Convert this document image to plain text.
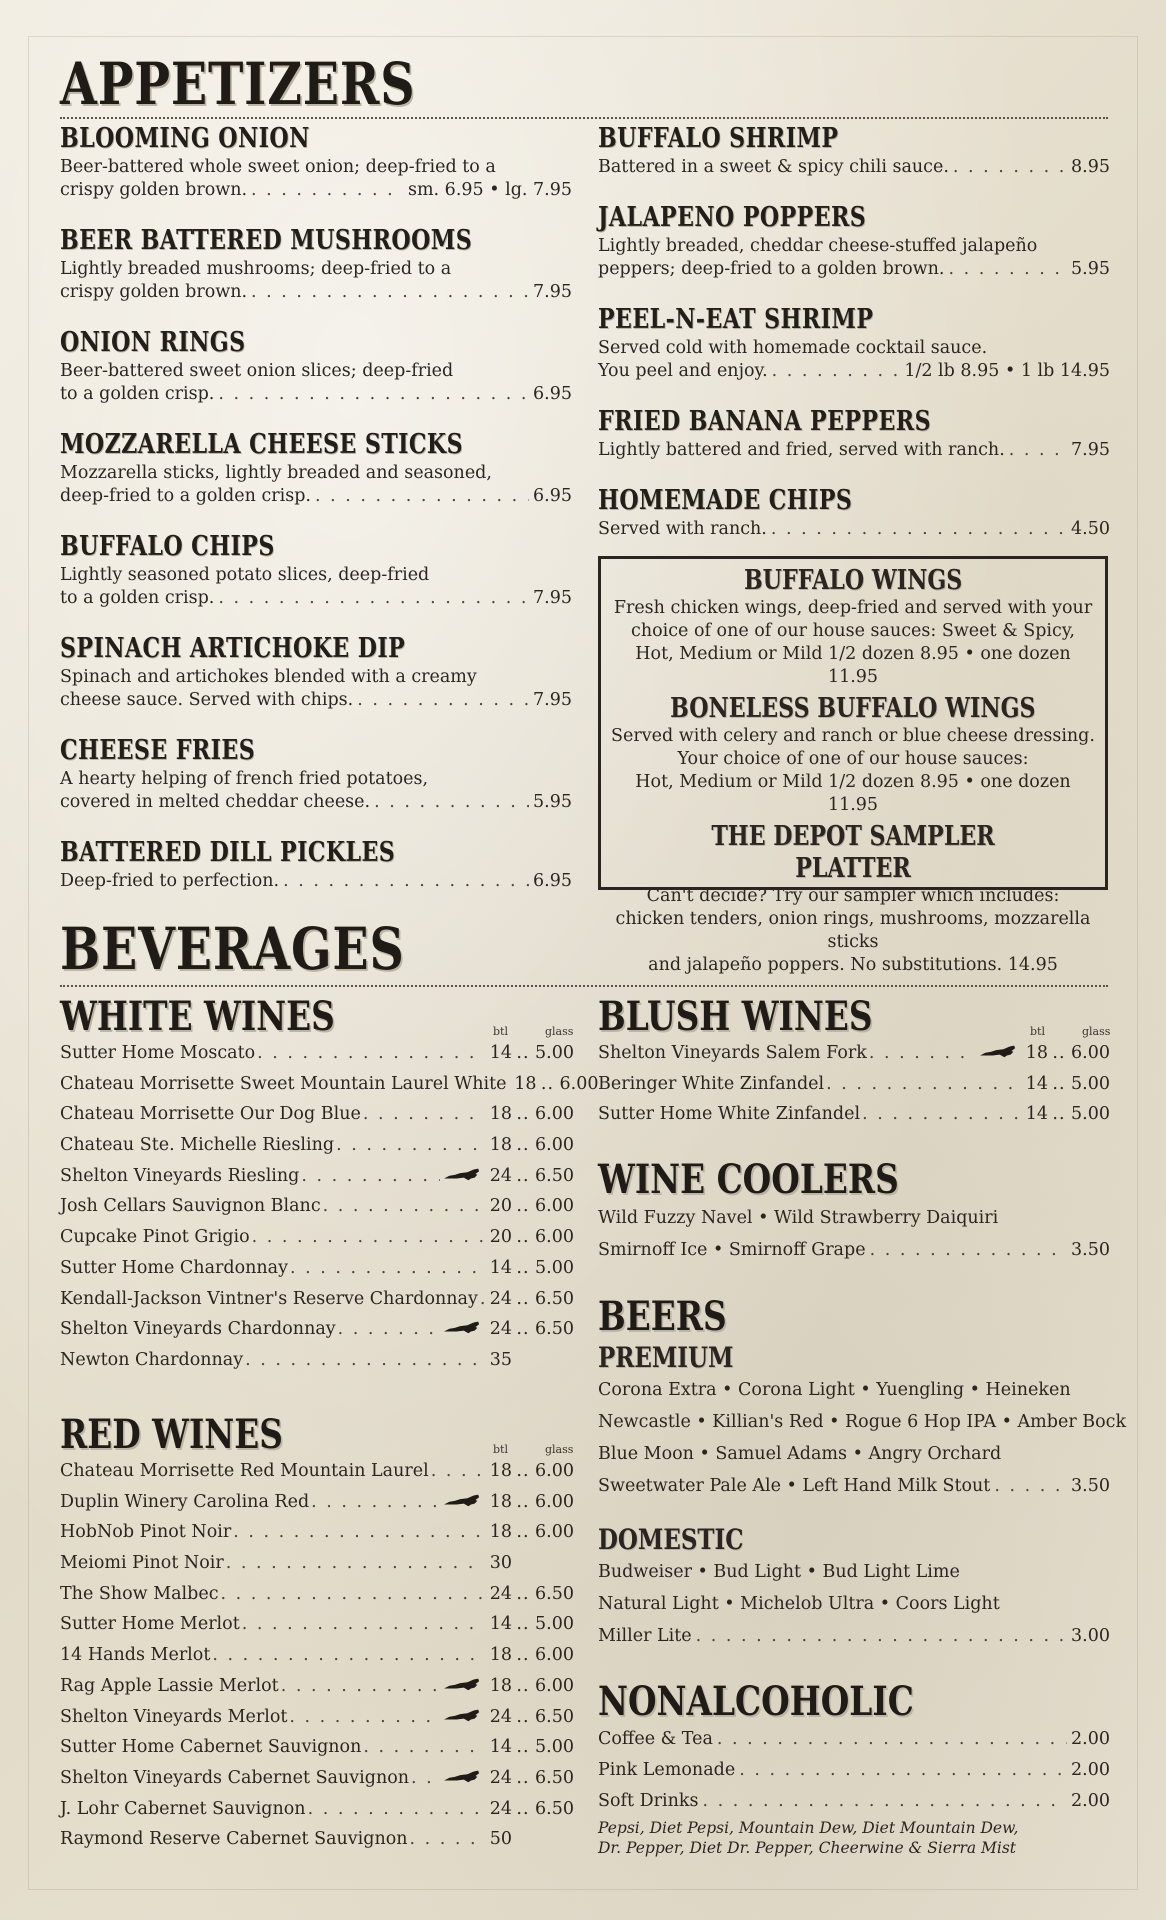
APPETIZERS
BLOOMING ONION
Beer-battered whole sweet onion; deep-fried to a
crispy golden brown. . . .	sm. 6.95 • lg. 7.95
BEER BATTERED MUSHROOMS
Lightly breaded mushrooms; deep-fried to a
crispy golden brown. . . .	7.95
ONION RINGS
Beer-battered sweet onion slices; deep-fried
to a golden crisp. . . .	6.95
MOZZARELLA CHEESE STICKS
Mozzarella sticks, lightly breaded and seasoned,
deep-fried to a golden crisp. . . .	6.95
BUFFALO CHIPS
Lightly seasoned potato slices, deep-fried
to a golden crisp. . . .	7.95
SPINACH ARTICHOKE DIP
Spinach and artichokes blended with a creamy
cheese sauce. Served with chips. . . .	7.95
CHEESE FRIES
A hearty helping of french fried potatoes,
covered in melted cheddar cheese. . . .	5.95
BATTERED DILL PICKLES
Deep-fried to perfection. . . .	6.95
BUFFALO SHRIMP
Battered in a sweet & spicy chili sauce. . . .	8.95
JALAPENO POPPERS
Lightly breaded, cheddar cheese-stuffed jalapeño
peppers; deep-fried to a golden brown. . . .	5.95
PEEL-N-EAT SHRIMP
Served cold with homemade cocktail sauce.
You peel and enjoy. . . .	1/2 lb 8.95 • 1 lb 14.95
FRIED BANANA PEPPERS
Lightly battered and fried, served with ranch. . . .	7.95
HOMEMADE CHIPS
Served with ranch. . . .	4.50
BUFFALO WINGS

Fresh chicken wings, deep-fried and served with your

choice of one of our house sauces: Sweet & Spicy,

Hot, Medium or Mild 1/2 dozen 8.95 • one dozen 11.95

BONELESS BUFFALO WINGS

Served with celery and ranch or blue cheese dressing.

Your choice of one of our house sauces:

Hot, Medium or Mild 1/2 dozen 8.95 • one dozen 11.95

THE DEPOT SAMPLER PLATTER

Can't decide? Try our sampler which includes:

chicken tenders, onion rings, mushrooms, mozzarella sticks

and jalapeño poppers. No substitutions. 14.95

BEVERAGES
WHITE WINES	btl	glass
Sutter Home Moscato . . .	14 .. 5.00
Chateau Morrisette Sweet Mountain Laurel White 18 .. 6.00
Chateau Morrisette Our Dog Blue . . .	18 .. 6.00
Chateau Ste. Michelle Riesling . . .	18 .. 6.00
Shelton Vineyards Riesling . . .	24 .. 6.50
Josh Cellars Sauvignon Blanc . . .	20 .. 6.00
Cupcake Pinot Grigio . . .	20 .. 6.00
Sutter Home Chardonnay . . .	14 .. 5.00
Kendall-Jackson Vintner's Reserve Chardonnay . . . 24 .. 6.50
Shelton Vineyards Chardonnay . . .	24 .. 6.50
Newton Chardonnay . . .	35
RED WINES	btl	glass
Chateau Morrisette Red Mountain Laurel . . .	18 .. 6.00
Duplin Winery Carolina Red . . .	18 .. 6.00
HobNob Pinot Noir . . .	18 .. 6.00
Meiomi Pinot Noir . . .	30
The Show Malbec . . .	24 .. 6.50
Sutter Home Merlot . . .	14 .. 5.00
14 Hands Merlot . . .	18 .. 6.00
Rag Apple Lassie Merlot . . .	18 .. 6.00
Shelton Vineyards Merlot . . .	24 .. 6.50
Sutter Home Cabernet Sauvignon . . .	14 .. 5.00
Shelton Vineyards Cabernet Sauvignon . . .	24 .. 6.50
J. Lohr Cabernet Sauvignon . . .	24 .. 6.50
Raymond Reserve Cabernet Sauvignon . . .	50
BLUSH WINES	btl	glass
Shelton Vineyards Salem Fork . . .	18 .. 6.00
Beringer White Zinfandel . . .	14 .. 5.00
Sutter Home White Zinfandel . . .	14 .. 5.00
WINE COOLERS
Wild Fuzzy Navel • Wild Strawberry Daiquiri
Smirnoff Ice • Smirnoff Grape . . .	3.50
BEERS
PREMIUM
Corona Extra • Corona Light • Yuengling • Heineken
Newcastle • Killian's Red • Rogue 6 Hop IPA • Amber Bock
Blue Moon • Samuel Adams • Angry Orchard
Sweetwater Pale Ale • Left Hand Milk Stout . . .	3.50
DOMESTIC
Budweiser • Bud Light • Bud Light Lime
Natural Light • Michelob Ultra • Coors Light
Miller Lite . . .	3.00
NONALCOHOLIC
Coffee & Tea . . .	2.00
Pink Lemonade . . .	2.00
Soft Drinks . . .	2.00
Pepsi, Diet Pepsi, Mountain Dew, Diet Mountain Dew,
Dr. Pepper, Diet Dr. Pepper, Cheerwine & Sierra Mist
